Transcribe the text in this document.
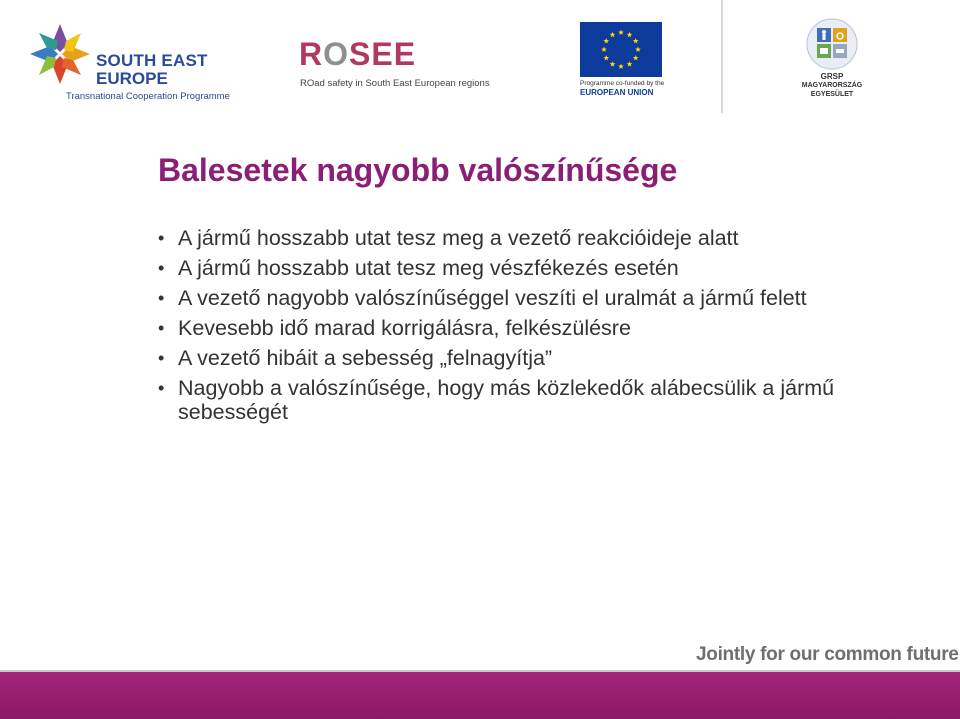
SOUTH EAST
EUROPE
Transnational Cooperation Programme
ROSEE
ROad safety in South East European regions	Programme co-funded by the
EUROPEAN UNION
GRSP
MAGYARORSZÁG
EGYESÜLET
Balesetek nagyobb valószínűsége
• A jármű hosszabb utat tesz meg a vezető reakcióideje alatt
• A jármű hosszabb utat tesz meg vészfékezés esetén
• A vezető nagyobb valószínűséggel veszíti el uralmát a jármű felett
• Kevesebb idő marad korrigálásra, felkészülésre
• A vezető hibáit a sebesség „felnagyítja”
• Nagyobb a valószínűsége, hogy más közlekedők alábecsülik a jármű sebességét
Jointly for our common future
